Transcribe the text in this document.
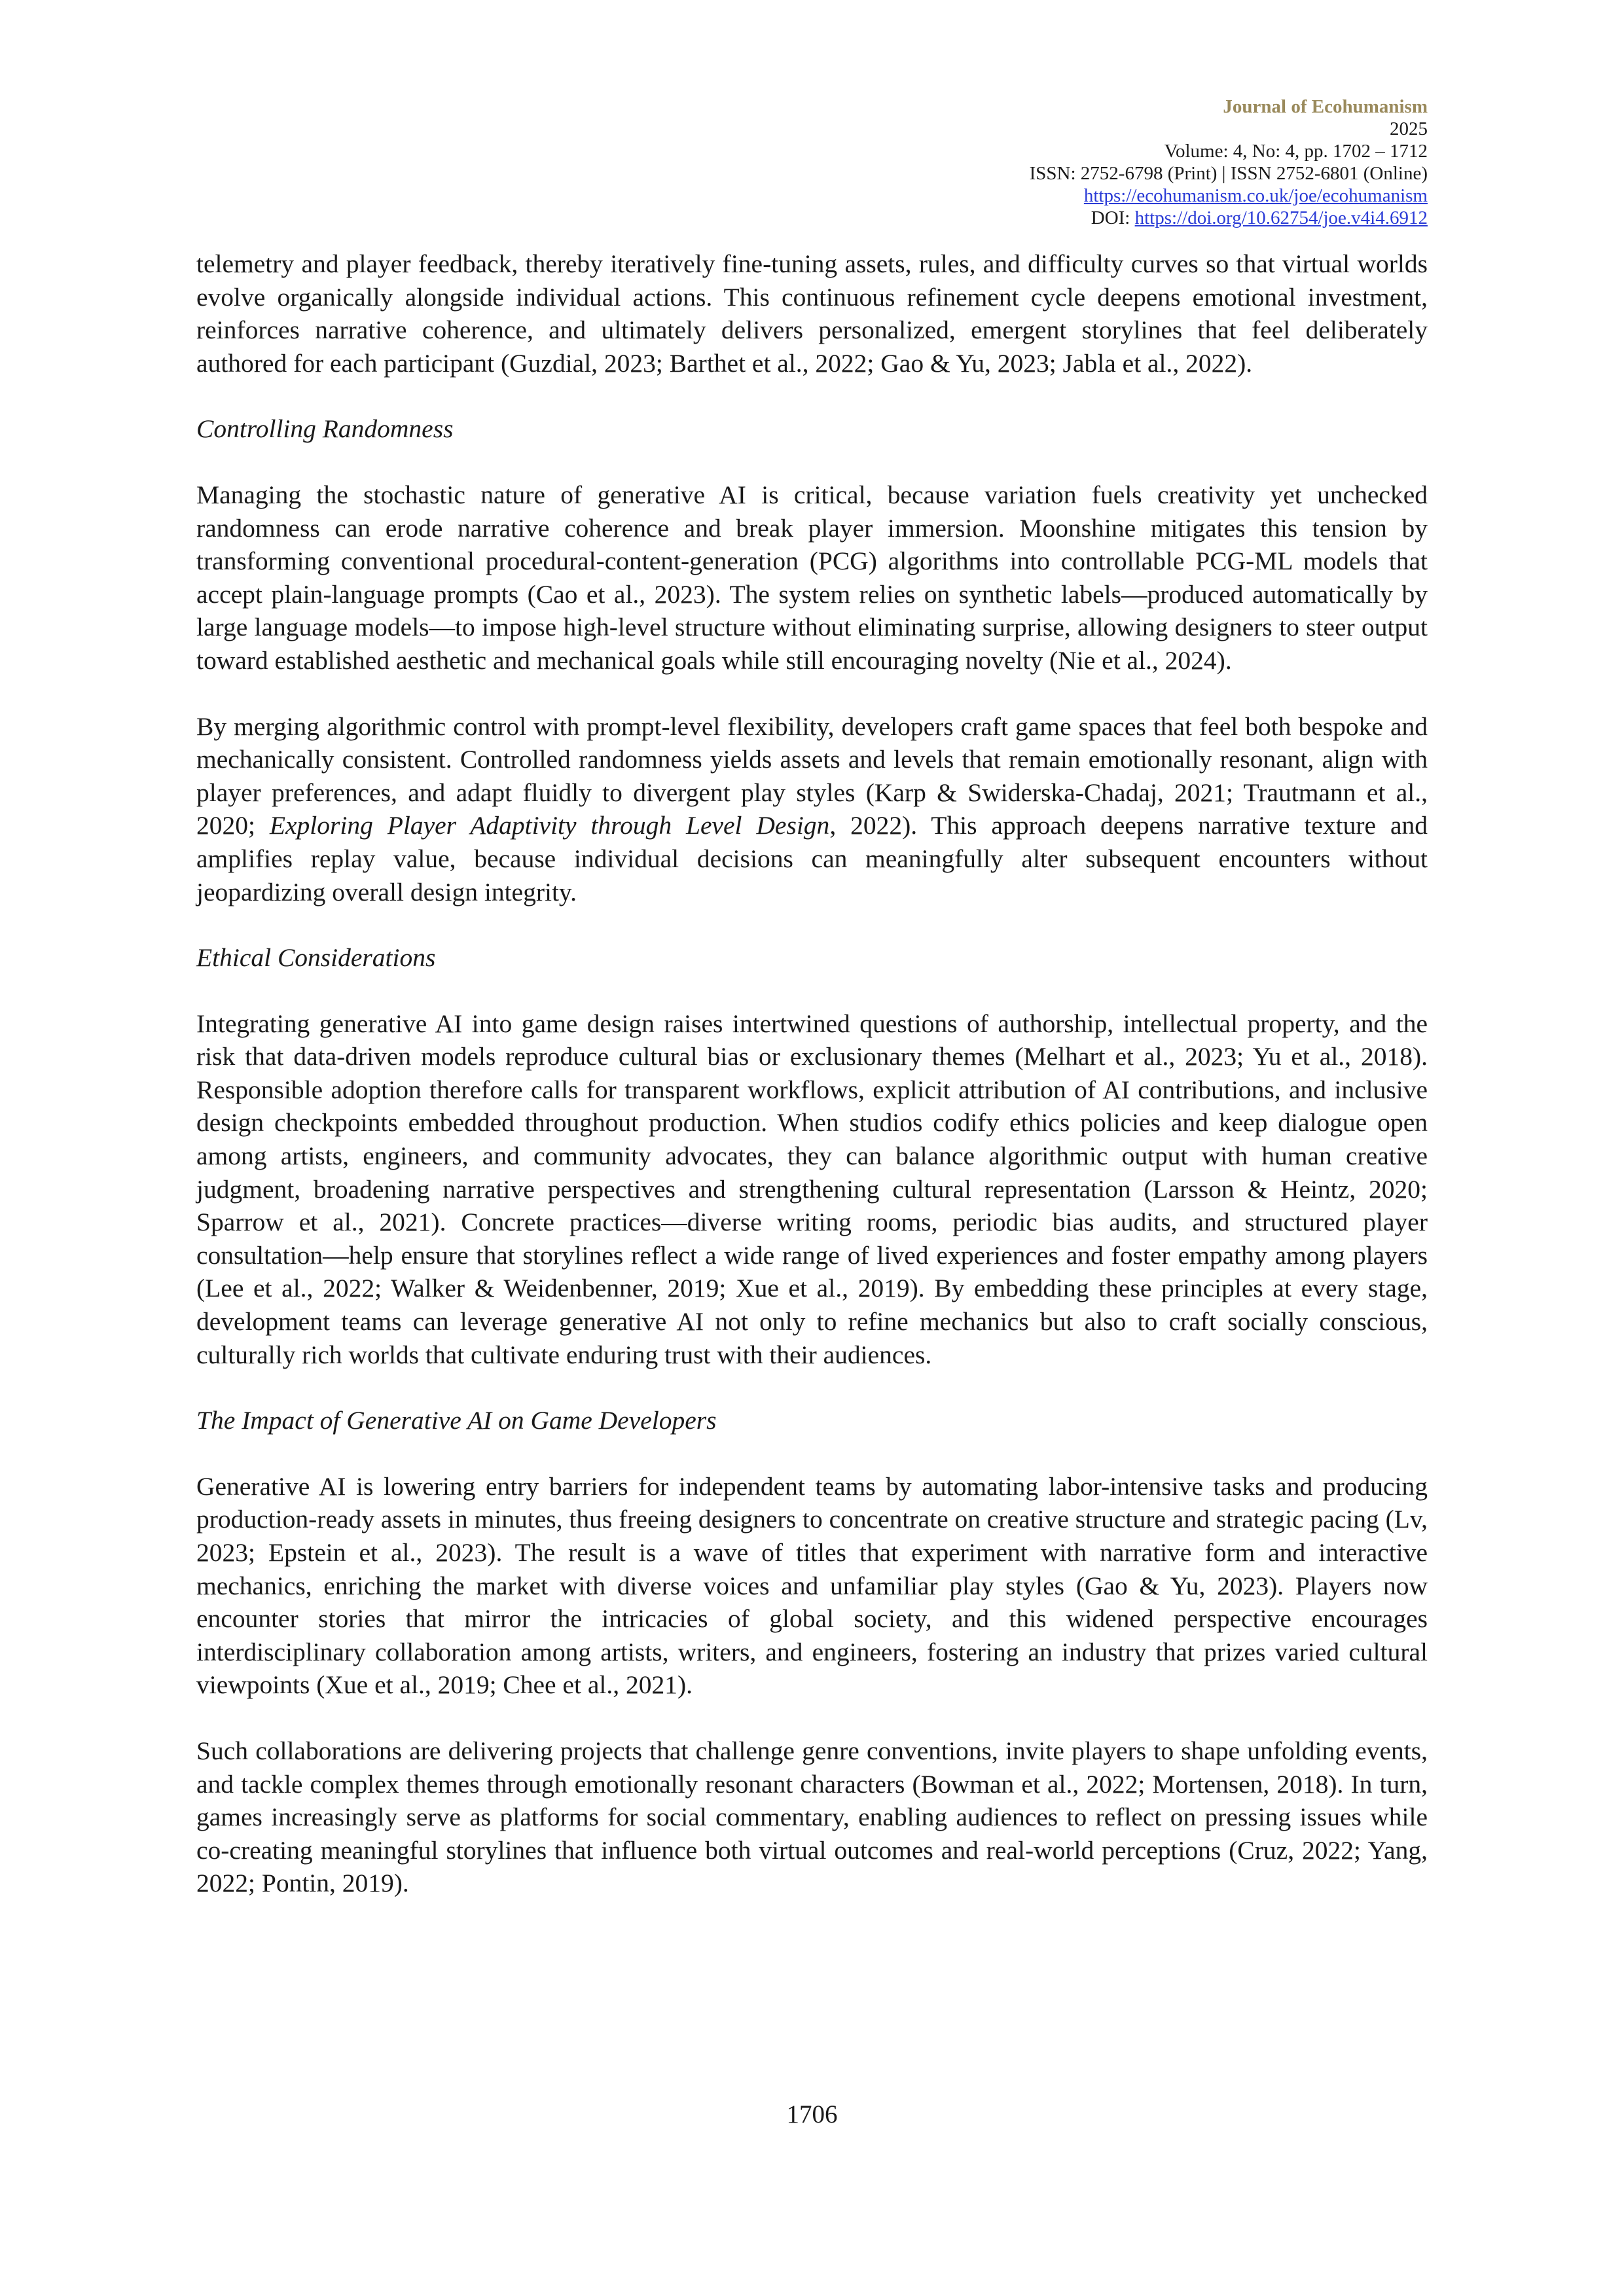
Journal of Ecohumanism
2025
Volume: 4, No: 4, pp. 1702 – 1712
ISSN: 2752-6798 (Print) | ISSN 2752-6801 (Online)
https://ecohumanism.co.uk/joe/ecohumanism
DOI: https://doi.org/10.62754/joe.v4i4.6912

telemetry and player feedback, thereby iteratively fine-tuning assets, rules, and difficulty curves so that virtual worlds evolve organically alongside individual actions. This continuous refinement cycle deepens emotional investment, reinforces narrative coherence, and ultimately delivers personalized, emergent storylines that feel deliberately authored for each participant (Guzdial, 2023; Barthet et al., 2022; Gao & Yu, 2023; Jabla et al., 2022).

Controlling Randomness

Managing the stochastic nature of generative AI is critical, because variation fuels creativity yet unchecked randomness can erode narrative coherence and break player immersion. Moonshine mitigates this tension by transforming conventional procedural-content-generation (PCG) algorithms into controllable PCG-ML models that accept plain-language prompts (Cao et al., 2023). The system relies on synthetic labels—produced automatically by large language models—to impose high-level structure without eliminating surprise, allowing designers to steer output toward established aesthetic and mechanical goals while still encouraging novelty (Nie et al., 2024).

By merging algorithmic control with prompt-level flexibility, developers craft game spaces that feel both bespoke and mechanically consistent. Controlled randomness yields assets and levels that remain emotionally resonant, align with player preferences, and adapt fluidly to divergent play styles (Karp & Swiderska-Chadaj, 2021; Trautmann et al., 2020; Exploring Player Adaptivity through Level Design, 2022). This approach deepens narrative texture and amplifies replay value, because individual decisions can meaningfully alter subsequent encounters without jeopardizing overall design integrity.

Ethical Considerations

Integrating generative AI into game design raises intertwined questions of authorship, intellectual property, and the risk that data-driven models reproduce cultural bias or exclusionary themes (Melhart et al., 2023; Yu et al., 2018). Responsible adoption therefore calls for transparent workflows, explicit attribution of AI contributions, and inclusive design checkpoints embedded throughout production. When studios codify ethics policies and keep dialogue open among artists, engineers, and community advocates, they can balance algorithmic output with human creative judgment, broadening narrative perspectives and strengthening cultural representation (Larsson & Heintz, 2020; Sparrow et al., 2021). Concrete practices—diverse writing rooms, periodic bias audits, and structured player consultation—help ensure that storylines reflect a wide range of lived experiences and foster empathy among players (Lee et al., 2022; Walker & Weidenbenner, 2019; Xue et al., 2019). By embedding these principles at every stage, development teams can leverage generative AI not only to refine mechanics but also to craft socially conscious, culturally rich worlds that cultivate enduring trust with their audiences.

The Impact of Generative AI on Game Developers

Generative AI is lowering entry barriers for independent teams by automating labor-intensive tasks and producing production-ready assets in minutes, thus freeing designers to concentrate on creative structure and strategic pacing (Lv, 2023; Epstein et al., 2023). The result is a wave of titles that experiment with narrative form and interactive mechanics, enriching the market with diverse voices and unfamiliar play styles (Gao & Yu, 2023). Players now encounter stories that mirror the intricacies of global society, and this widened perspective encourages interdisciplinary collaboration among artists, writers, and engineers, fostering an industry that prizes varied cultural viewpoints (Xue et al., 2019; Chee et al., 2021).

Such collaborations are delivering projects that challenge genre conventions, invite players to shape unfolding events, and tackle complex themes through emotionally resonant characters (Bowman et al., 2022; Mortensen, 2018). In turn, games increasingly serve as platforms for social commentary, enabling audiences to reflect on pressing issues while co-creating meaningful storylines that influence both virtual outcomes and real-world perceptions (Cruz, 2022; Yang, 2022; Pontin, 2019).

1706
